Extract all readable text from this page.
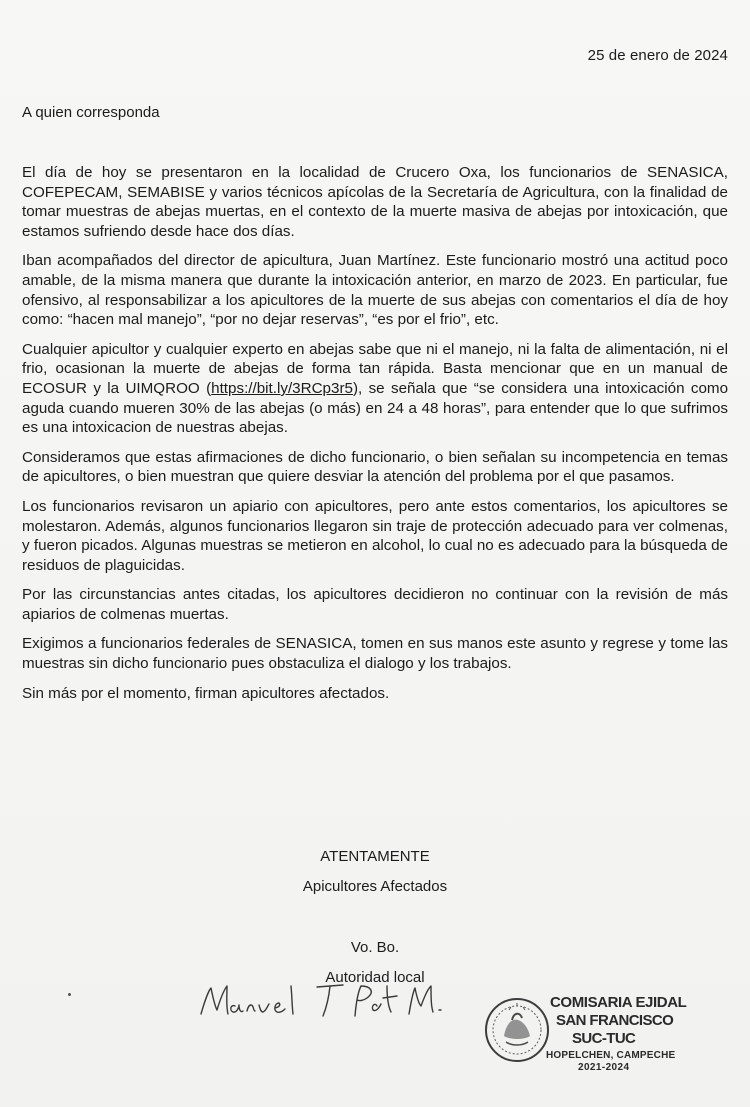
25 de enero de 2024
A quien corresponda

El día de hoy se presentaron en la localidad de Crucero Oxa, los funcionarios de SENASICA, COFEPECAM, SEMABISE y varios técnicos apícolas de la Secretaría de Agricultura, con la finalidad de tomar muestras de abejas muertas, en el contexto de la muerte masiva de abejas por intoxicación, que estamos sufriendo desde hace dos días.

Iban acompañados del director de apicultura, Juan Martínez. Este funcionario mostró una actitud poco amable, de la misma manera que durante la intoxicación anterior, en marzo de 2023. En particular, fue ofensivo, al responsabilizar a los apicultores de la muerte de sus abejas con comentarios el día de hoy como: “hacen mal manejo”, “por no dejar reservas”, “es por el frio”, etc.

Cualquier apicultor y cualquier experto en abejas sabe que ni el manejo, ni la falta de alimentación, ni el frio, ocasionan la muerte de abejas de forma tan rápida. Basta mencionar que en un manual de ECOSUR y la UIMQROO (https://bit.ly/3RCp3r5), se señala que “se considera una intoxicación como aguda cuando mueren 30% de las abejas (o más) en 24 a 48 horas”, para entender que lo que sufrimos es una intoxicacion de nuestras abejas.

Consideramos que estas afirmaciones de dicho funcionario, o bien señalan su incompetencia en temas de apicultores, o bien muestran que quiere desviar la atención del problema por el que pasamos.

Los funcionarios revisaron un apiario con apicultores, pero ante estos comentarios, los apicultores se molestaron. Además, algunos funcionarios llegaron sin traje de protección adecuado para ver colmenas, y fueron picados. Algunas muestras se metieron en alcohol, lo cual no es adecuado para la búsqueda de residuos de plaguicidas.

Por las circunstancias antes citadas, los apicultores decidieron no continuar con la revisión de más apiarios de colmenas muertas.

Exigimos a funcionarios federales de SENASICA, tomen en sus manos este asunto y regrese y tome las muestras sin dicho funcionario pues obstaculiza el dialogo y los trabajos.

Sin más por el momento, firman apicultores afectados.

ATENTAMENTE
Apicultores Afectados
Vo. Bo.
Autoridad local
COMISARIA EJIDAL
SAN FRANCISCO
SUC-TUC
HOPELCHEN, CAMPECHE
2021-2024
